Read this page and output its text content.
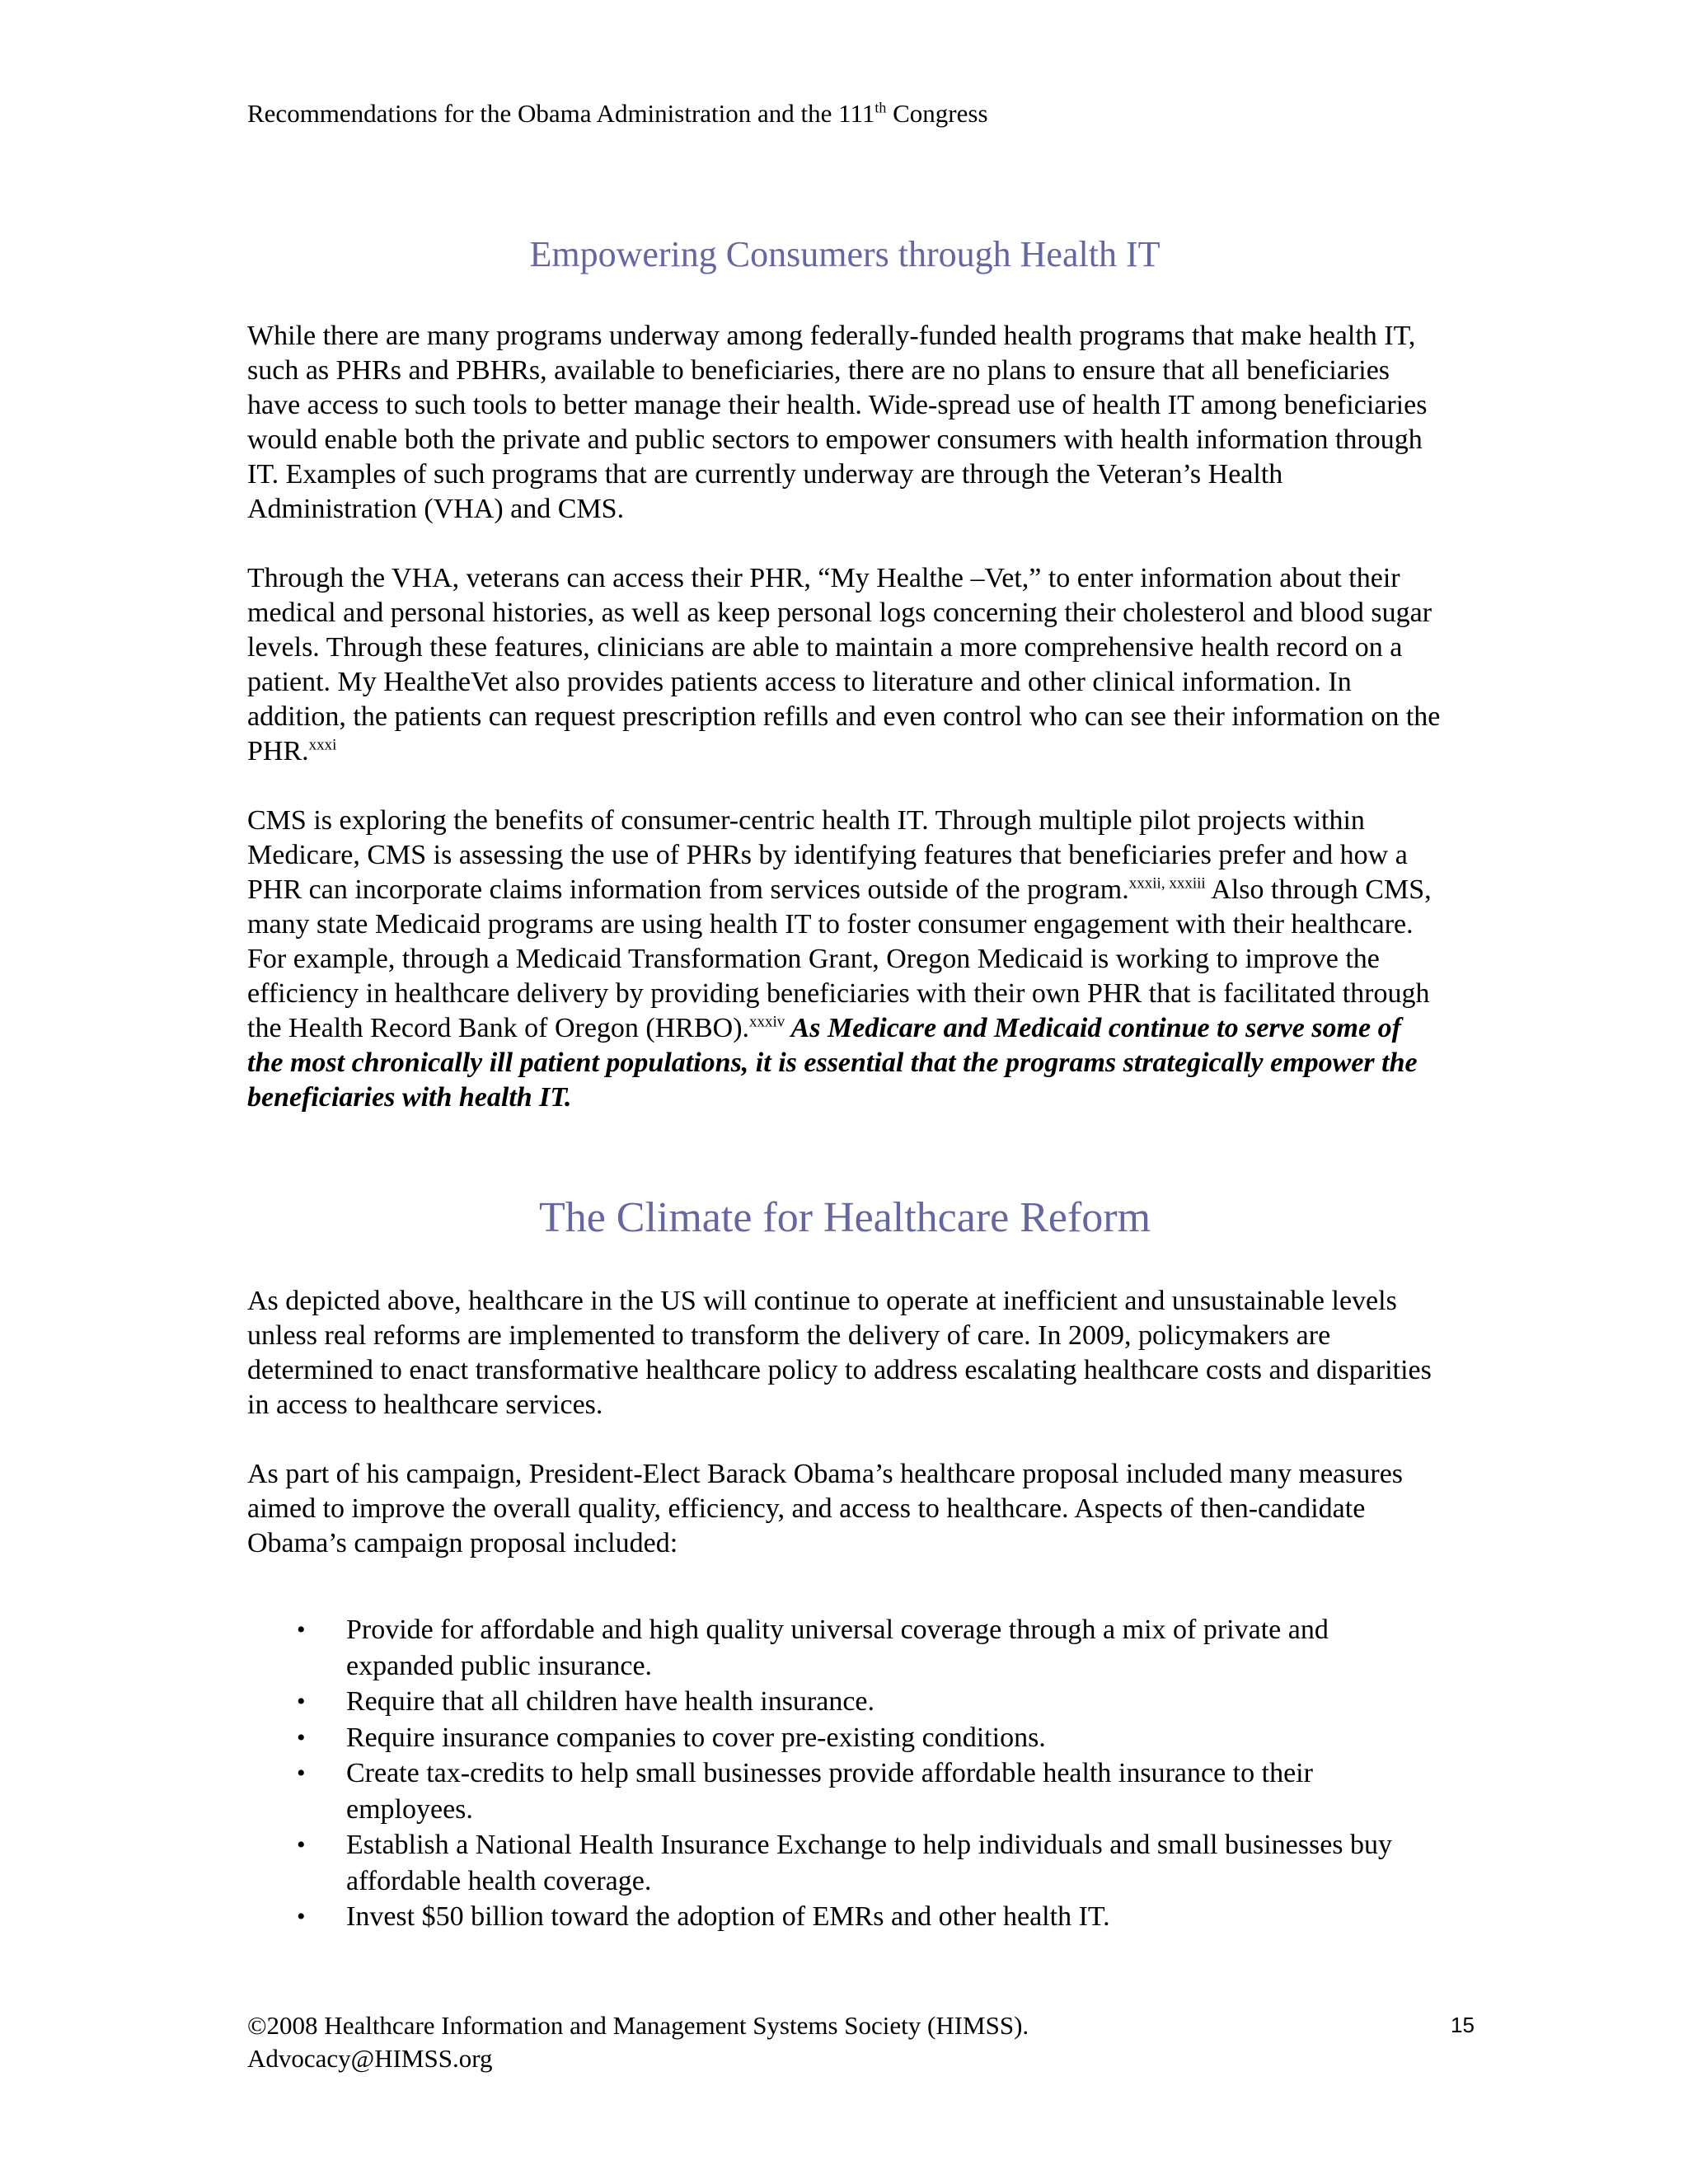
Recommendations for the Obama Administration and the 111th Congress
Empowering Consumers through Health IT

While there are many programs underway among federally-funded health programs that make health IT, such as PHRs and PBHRs, available to beneficiaries, there are no plans to ensure that all beneficiaries have access to such tools to better manage their health. Wide-spread use of health IT among beneficiaries would enable both the private and public sectors to empower consumers with health information through IT. Examples of such programs that are currently underway are through the Veteran’s Health Administration (VHA) and CMS.

Through the VHA, veterans can access their PHR, “My Healthe –Vet,” to enter information about their medical and personal histories, as well as keep personal logs concerning their cholesterol and blood sugar levels. Through these features, clinicians are able to maintain a more comprehensive health record on a patient. My HealtheVet also provides patients access to literature and other clinical information. In addition, the patients can request prescription refills and even control who can see their information on the PHR.$^{xxxi}$

CMS is exploring the benefits of consumer-centric health IT. Through multiple pilot projects within Medicare, CMS is assessing the use of PHRs by identifying features that beneficiaries prefer and how a PHR can incorporate claims information from services outside of the program.$^{xxxii, xxxiii}$ Also through CMS, many state Medicaid programs are using health IT to foster consumer engagement with their healthcare. For example, through a Medicaid Transformation Grant, Oregon Medicaid is working to improve the efficiency in healthcare delivery by providing beneficiaries with their own PHR that is facilitated through the Health Record Bank of Oregon (HRBO).$^{xxxiv}$ As Medicare and Medicaid continue to serve some of the most chronically ill patient populations, it is essential that the programs strategically empower the beneficiaries with health IT.

The Climate for Healthcare Reform

As depicted above, healthcare in the US will continue to operate at inefficient and unsustainable levels unless real reforms are implemented to transform the delivery of care. In 2009, policymakers are determined to enact transformative healthcare policy to address escalating healthcare costs and disparities in access to healthcare services.

As part of his campaign, President-Elect Barack Obama’s healthcare proposal included many measures aimed to improve the overall quality, efficiency, and access to healthcare. Aspects of then-candidate Obama’s campaign proposal included:

• Provide for affordable and high quality universal coverage through a mix of private and expanded public insurance.
• Require that all children have health insurance.
• Require insurance companies to cover pre-existing conditions.
• Create tax-credits to help small businesses provide affordable health insurance to their employees.
• Establish a National Health Insurance Exchange to help individuals and small businesses buy affordable health coverage.
• Invest $50 billion toward the adoption of EMRs and other health IT.
©2008 Healthcare Information and Management Systems Society (HIMSS).
Advocacy@HIMSS.org
15
